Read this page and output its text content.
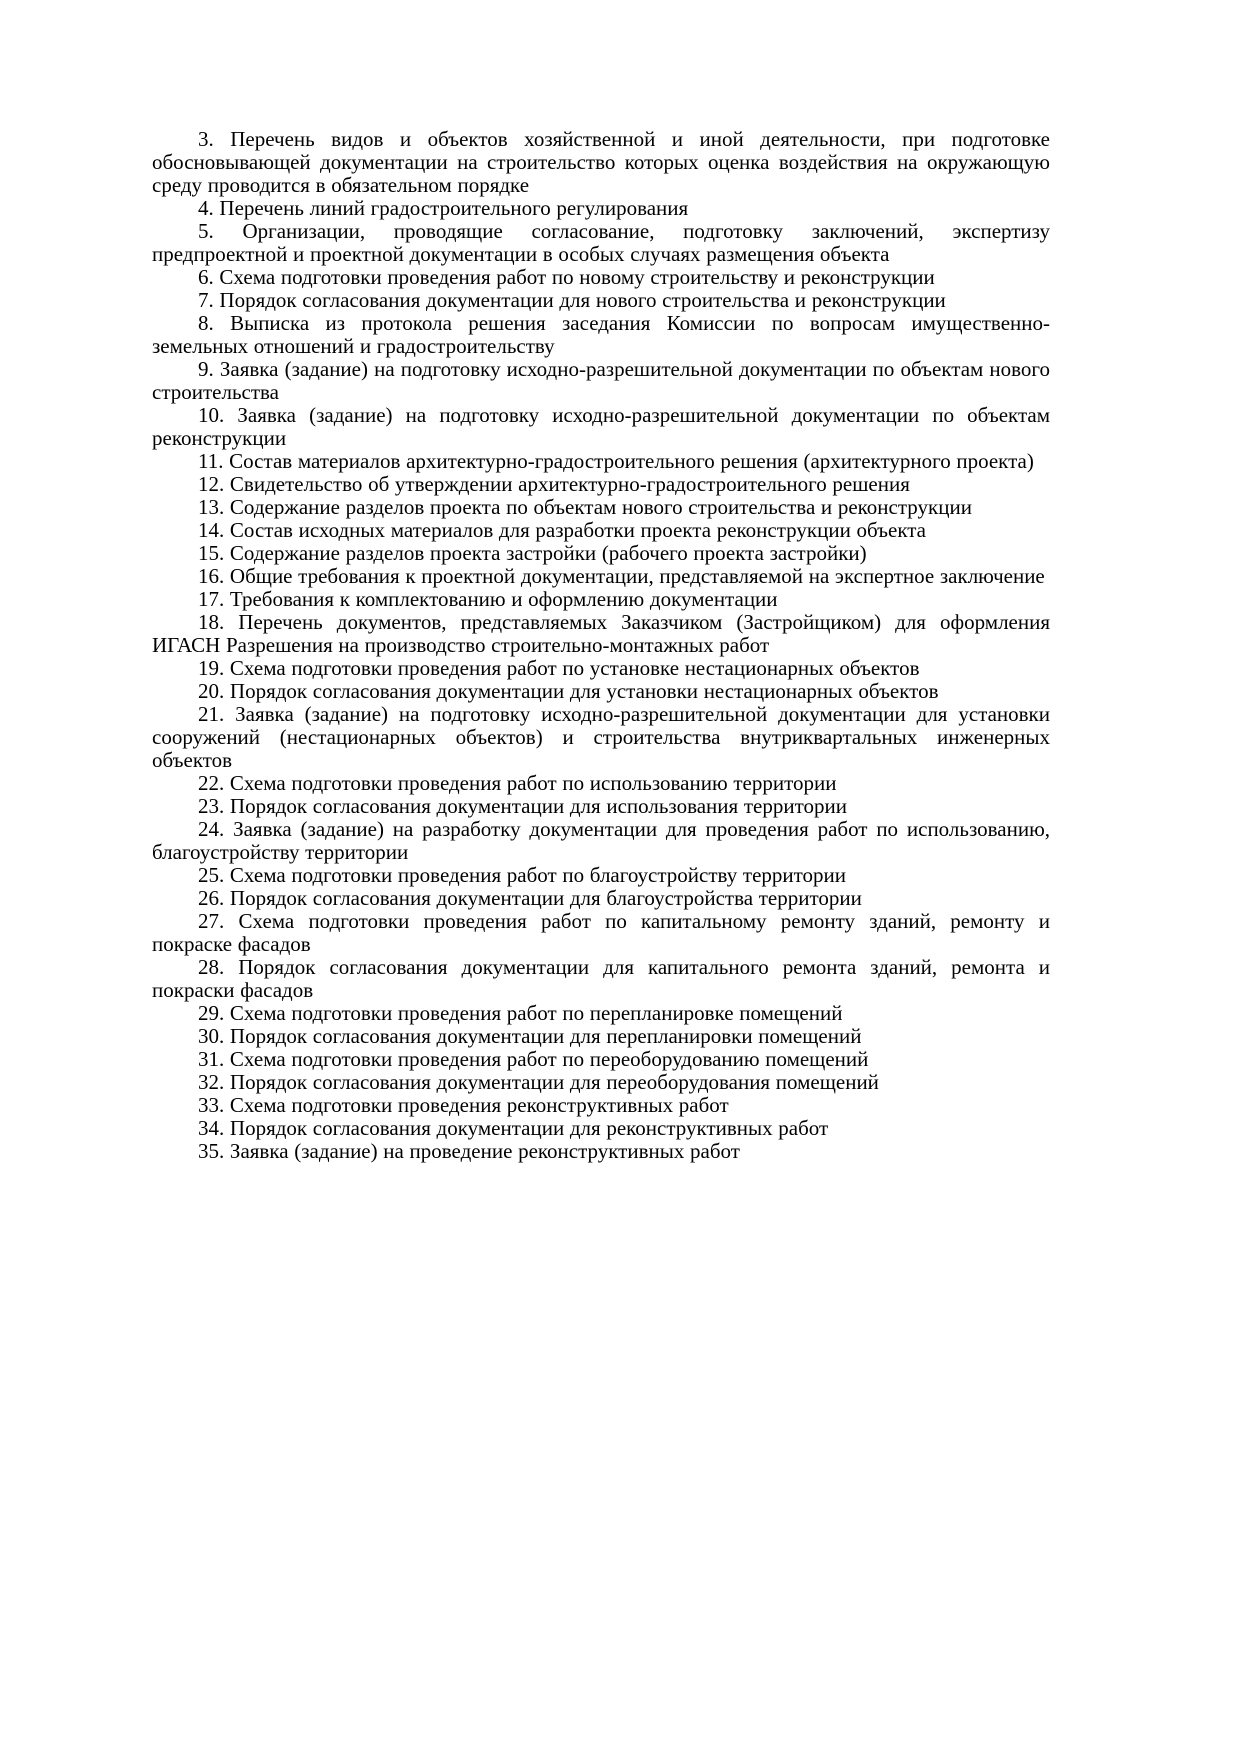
3. Перечень видов и объектов хозяйственной и иной деятельности, при подготовке обосновывающей документации на строительство которых оценка воздействия на окружающую среду проводится в обязательном порядке

4. Перечень линий градостроительного регулирования

5. Организации, проводящие согласование, подготовку заключений, экспертизу предпроектной и проектной документации в особых случаях размещения объекта

6. Схема подготовки проведения работ по новому строительству и реконструкции

7. Порядок согласования документации для нового строительства и реконструкции

8. Выписка из протокола решения заседания Комиссии по вопросам имущественно-земельных отношений и градостроительству

9. Заявка (задание) на подготовку исходно-разрешительной документации по объектам нового строительства

10. Заявка (задание) на подготовку исходно-разрешительной документации по объектам реконструкции

11. Состав материалов архитектурно-градостроительного решения (архитектурного проекта)

12. Свидетельство об утверждении архитектурно-градостроительного решения

13. Содержание разделов проекта по объектам нового строительства и реконструкции

14. Состав исходных материалов для разработки проекта реконструкции объекта

15. Содержание разделов проекта застройки (рабочего проекта застройки)

16. Общие требования к проектной документации, представляемой на экспертное заключение

17. Требования к комплектованию и оформлению документации

18. Перечень документов, представляемых Заказчиком (Застройщиком) для оформления ИГАСН Разрешения на производство строительно-монтажных работ

19. Схема подготовки проведения работ по установке нестационарных объектов

20. Порядок согласования документации для установки нестационарных объектов

21. Заявка (задание) на подготовку исходно-разрешительной документации для установки сооружений (нестационарных объектов) и строительства внутриквартальных инженерных объектов

22. Схема подготовки проведения работ по использованию территории

23. Порядок согласования документации для использования территории

24. Заявка (задание) на разработку документации для проведения работ по использованию, благоустройству территории

25. Схема подготовки проведения работ по благоустройству территории

26. Порядок согласования документации для благоустройства территории

27. Схема подготовки проведения работ по капитальному ремонту зданий, ремонту и покраске фасадов

28. Порядок согласования документации для капитального ремонта зданий, ремонта и покраски фасадов

29. Схема подготовки проведения работ по перепланировке помещений

30. Порядок согласования документации для перепланировки помещений

31. Схема подготовки проведения работ по переоборудованию помещений

32. Порядок согласования документации для переоборудования помещений

33. Схема подготовки проведения реконструктивных работ

34. Порядок согласования документации для реконструктивных работ

35. Заявка (задание) на проведение реконструктивных работ
